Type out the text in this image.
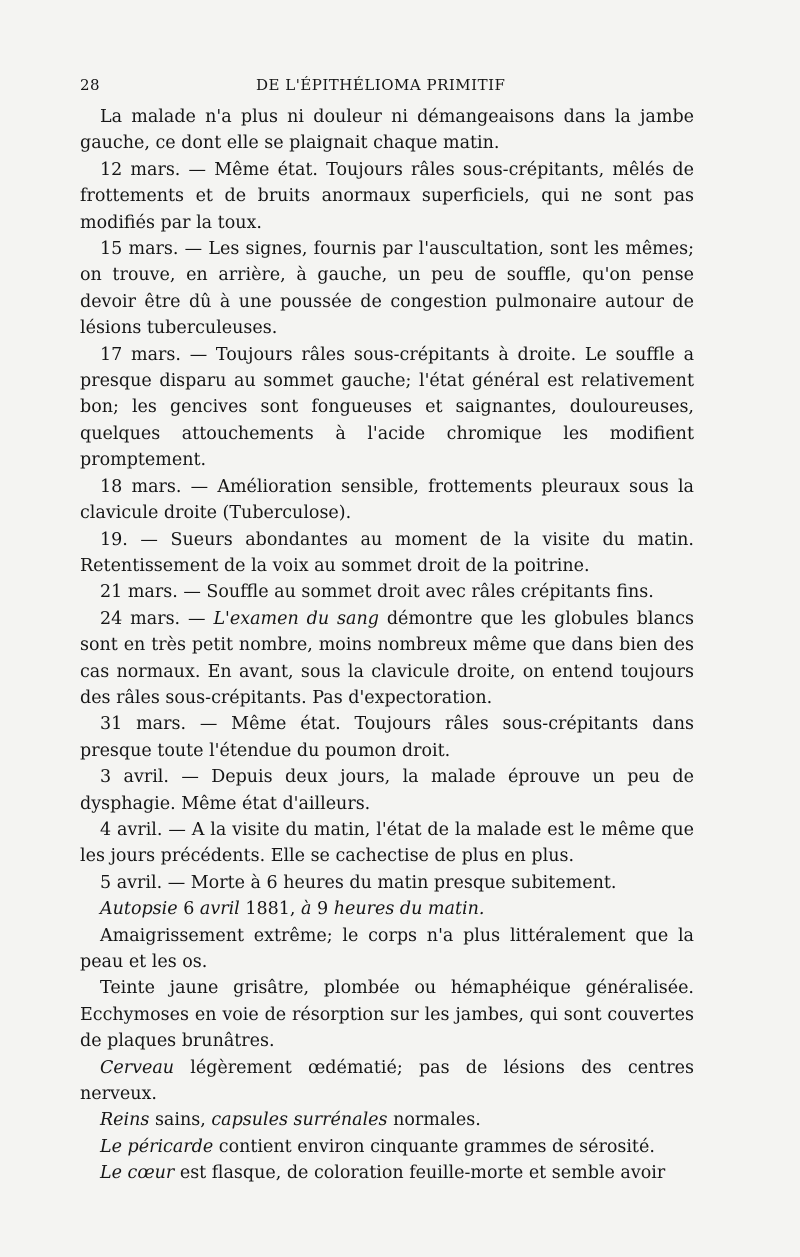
28	DE L'ÉPITHÉLIOMA PRIMITIF

La malade n'a plus ni douleur ni démangeaisons dans la jambe gauche, ce dont elle se plaignait chaque matin.

12 mars. — Même état. Toujours râles sous-crépitants, mêlés de frottements et de bruits anormaux superficiels, qui ne sont pas modifiés par la toux.

15 mars. — Les signes, fournis par l'auscultation, sont les mêmes; on trouve, en arrière, à gauche, un peu de souffle, qu'on pense devoir être dû à une poussée de congestion pulmonaire autour de lésions tuberculeuses.

17 mars. — Toujours râles sous-crépitants à droite. Le souffle a presque disparu au sommet gauche; l'état général est relativement bon; les gencives sont fongueuses et saignantes, douloureuses, quelques attouchements à l'acide chromique les modifient promptement.

18 mars. — Amélioration sensible, frottements pleuraux sous la clavicule droite (Tuberculose).

19. — Sueurs abondantes au moment de la visite du matin. Retentissement de la voix au sommet droit de la poitrine.

21 mars. — Souffle au sommet droit avec râles crépitants fins.

24 mars. — L'examen du sang démontre que les globules blancs sont en très petit nombre, moins nombreux même que dans bien des cas normaux. En avant, sous la clavicule droite, on entend toujours des râles sous-crépitants. Pas d'expectoration.

31 mars. — Même état. Toujours râles sous-crépitants dans presque toute l'étendue du poumon droit.

3 avril. — Depuis deux jours, la malade éprouve un peu de dysphagie. Même état d'ailleurs.

4 avril. — A la visite du matin, l'état de la malade est le même que les jours précédents. Elle se cachectise de plus en plus.

5 avril. — Morte à 6 heures du matin presque subitement.

Autopsie 6 avril 1881, à 9 heures du matin.

Amaigrissement extrême; le corps n'a plus littéralement que la peau et les os.

Teinte jaune grisâtre, plombée ou hémaphéique généralisée. Ecchymoses en voie de résorption sur les jambes, qui sont couvertes de plaques brunâtres.

Cerveau légèrement œdématié; pas de lésions des centres nerveux.

Reins sains, capsules surrénales normales.

Le péricarde contient environ cinquante grammes de sérosité.

Le cœur est flasque, de coloration feuille-morte et semble avoir
